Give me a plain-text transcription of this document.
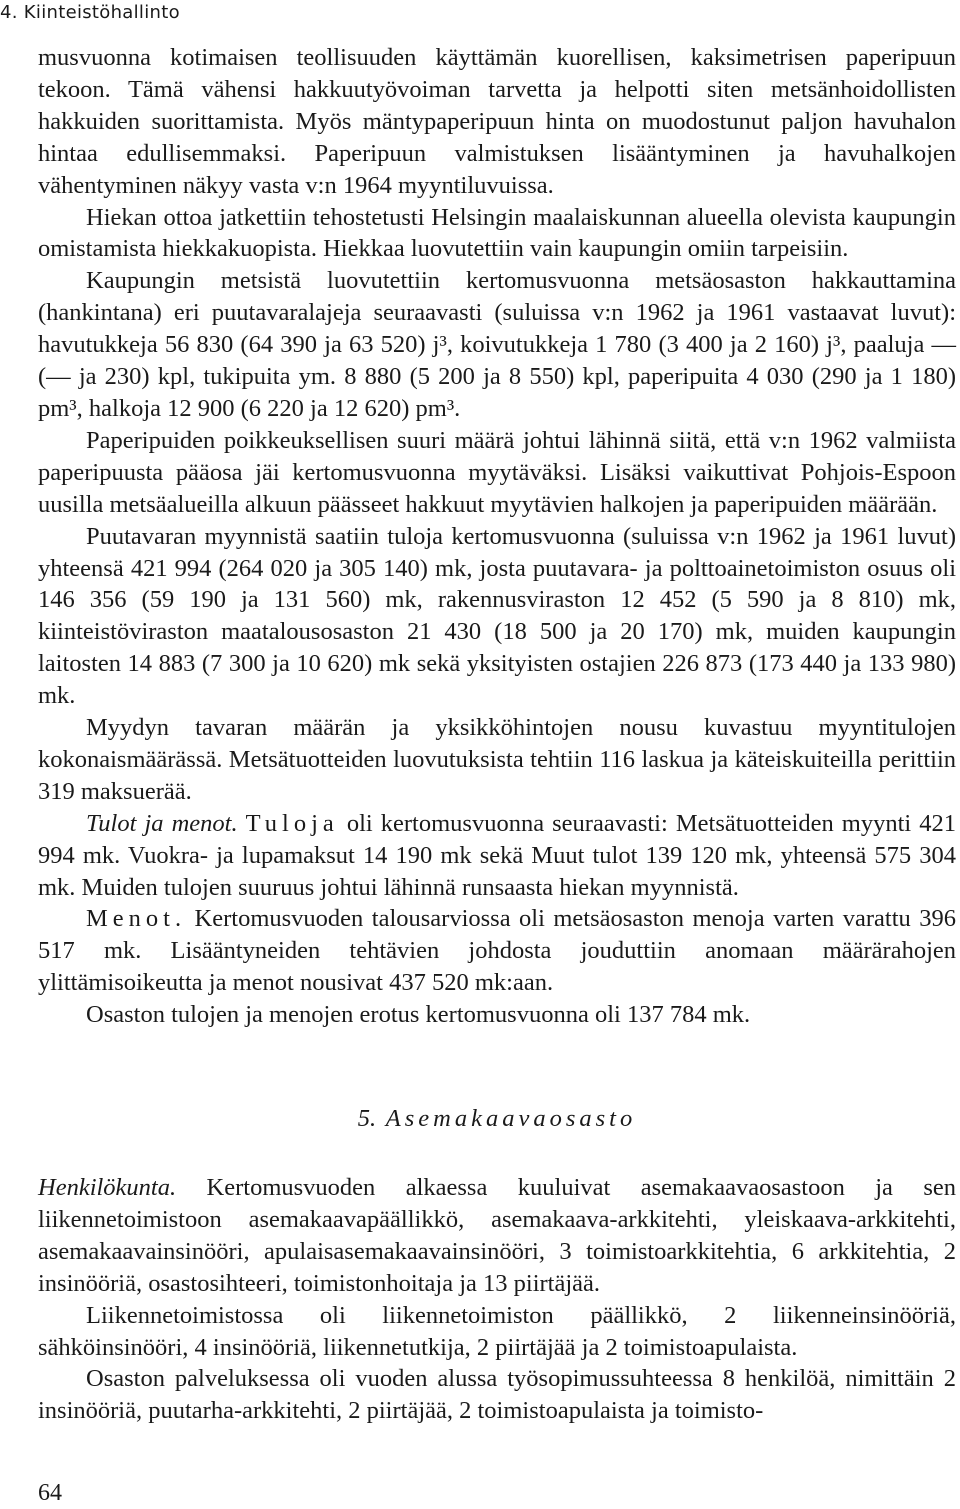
4. Kiinteistöhallinto

musvuonna kotimaisen teollisuuden käyttämän kuorellisen, kaksimetrisen paperipuun tekoon. Tämä vähensi hakkuutyövoiman tarvetta ja helpotti siten metsänhoidollisten hakkuiden suorittamista. Myös mäntypaperipuun hinta on muodostunut paljon havuhalon hintaa edullisemmaksi. Paperipuun valmistuksen lisääntyminen ja havuhalkojen vähentyminen näkyy vasta v:n 1964 myyntiluvuissa.

Hiekan ottoa jatkettiin tehostetusti Helsingin maalaiskunnan alueella olevista kaupungin omistamista hiekkakuopista. Hiekkaa luovutettiin vain kaupungin omiin tarpeisiin.

Kaupungin metsistä luovutettiin kertomusvuonna metsäosaston hakkauttamina (hankintana) eri puutavaralajeja seuraavasti (suluissa v:n 1962 ja 1961 vastaavat luvut): havutukkeja 56 830 (64 390 ja 63 520) j³, koivutukkeja 1 780 (3 400 ja 2 160) j³, paaluja — (— ja 230) kpl, tukipuita ym. 8 880 (5 200 ja 8 550) kpl, paperipuita 4 030 (290 ja 1 180) pm³, halkoja 12 900 (6 220 ja 12 620) pm³.

Paperipuiden poikkeuksellisen suuri määrä johtui lähinnä siitä, että v:n 1962 valmiista paperipuusta pääosa jäi kertomusvuonna myytäväksi. Lisäksi vaikuttivat Pohjois-Espoon uusilla metsäalueilla alkuun päässeet hakkuut myytävien halkojen ja paperipuiden määrään.

Puutavaran myynnistä saatiin tuloja kertomusvuonna (suluissa v:n 1962 ja 1961 luvut) yhteensä 421 994 (264 020 ja 305 140) mk, josta puutavara- ja polttoainetoimiston osuus oli 146 356 (59 190 ja 131 560) mk, rakennusviraston 12 452 (5 590 ja 8 810) mk, kiinteistöviraston maatalousosaston 21 430 (18 500 ja 20 170) mk, muiden kaupungin laitosten 14 883 (7 300 ja 10 620) mk sekä yksityisten ostajien 226 873 (173 440 ja 133 980) mk.

Myydyn tavaran määrän ja yksikköhintojen nousu kuvastuu myyntitulojen kokonaismäärässä. Metsätuotteiden luovutuksista tehtiin 116 laskua ja käteiskuiteilla perittiin 319 maksuerää.

Tulot ja menot. Tuloja oli kertomusvuonna seuraavasti: Metsätuotteiden myynti 421 994 mk. Vuokra- ja lupamaksut 14 190 mk sekä Muut tulot 139 120 mk, yhteensä 575 304 mk. Muiden tulojen suuruus johtui lähinnä runsaasta hiekan myynnistä.

Menot. Kertomusvuoden talousarviossa oli metsäosaston menoja varten varattu 396 517 mk. Lisääntyneiden tehtävien johdosta jouduttiin anomaan määrärahojen ylittämisoikeutta ja menot nousivat 437 520 mk:aan.

Osaston tulojen ja menojen erotus kertomusvuonna oli 137 784 mk.

5. Asemakaavaosasto

Henkilökunta. Kertomusvuoden alkaessa kuuluivat asemakaavaosastoon ja sen liikennetoimistoon asemakaavapäällikkö, asemakaava-arkkitehti, yleiskaava-arkkitehti, asemakaavainsinööri, apulaisasemakaavainsinööri, 3 toimistoarkkitehtia, 6 arkkitehtia, 2 insinööriä, osastosihteeri, toimistonhoitaja ja 13 piirtäjää.

Liikennetoimistossa oli liikennetoimiston päällikkö, 2 liikenneinsinööriä, sähköinsinööri, 4 insinööriä, liikennetutkija, 2 piirtäjää ja 2 toimistoapulaista.

Osaston palveluksessa oli vuoden alussa työsopimussuhteessa 8 henkilöä, nimittäin 2 insinööriä, puutarha-arkkitehti, 2 piirtäjää, 2 toimistoapulaista ja toimisto-

64
